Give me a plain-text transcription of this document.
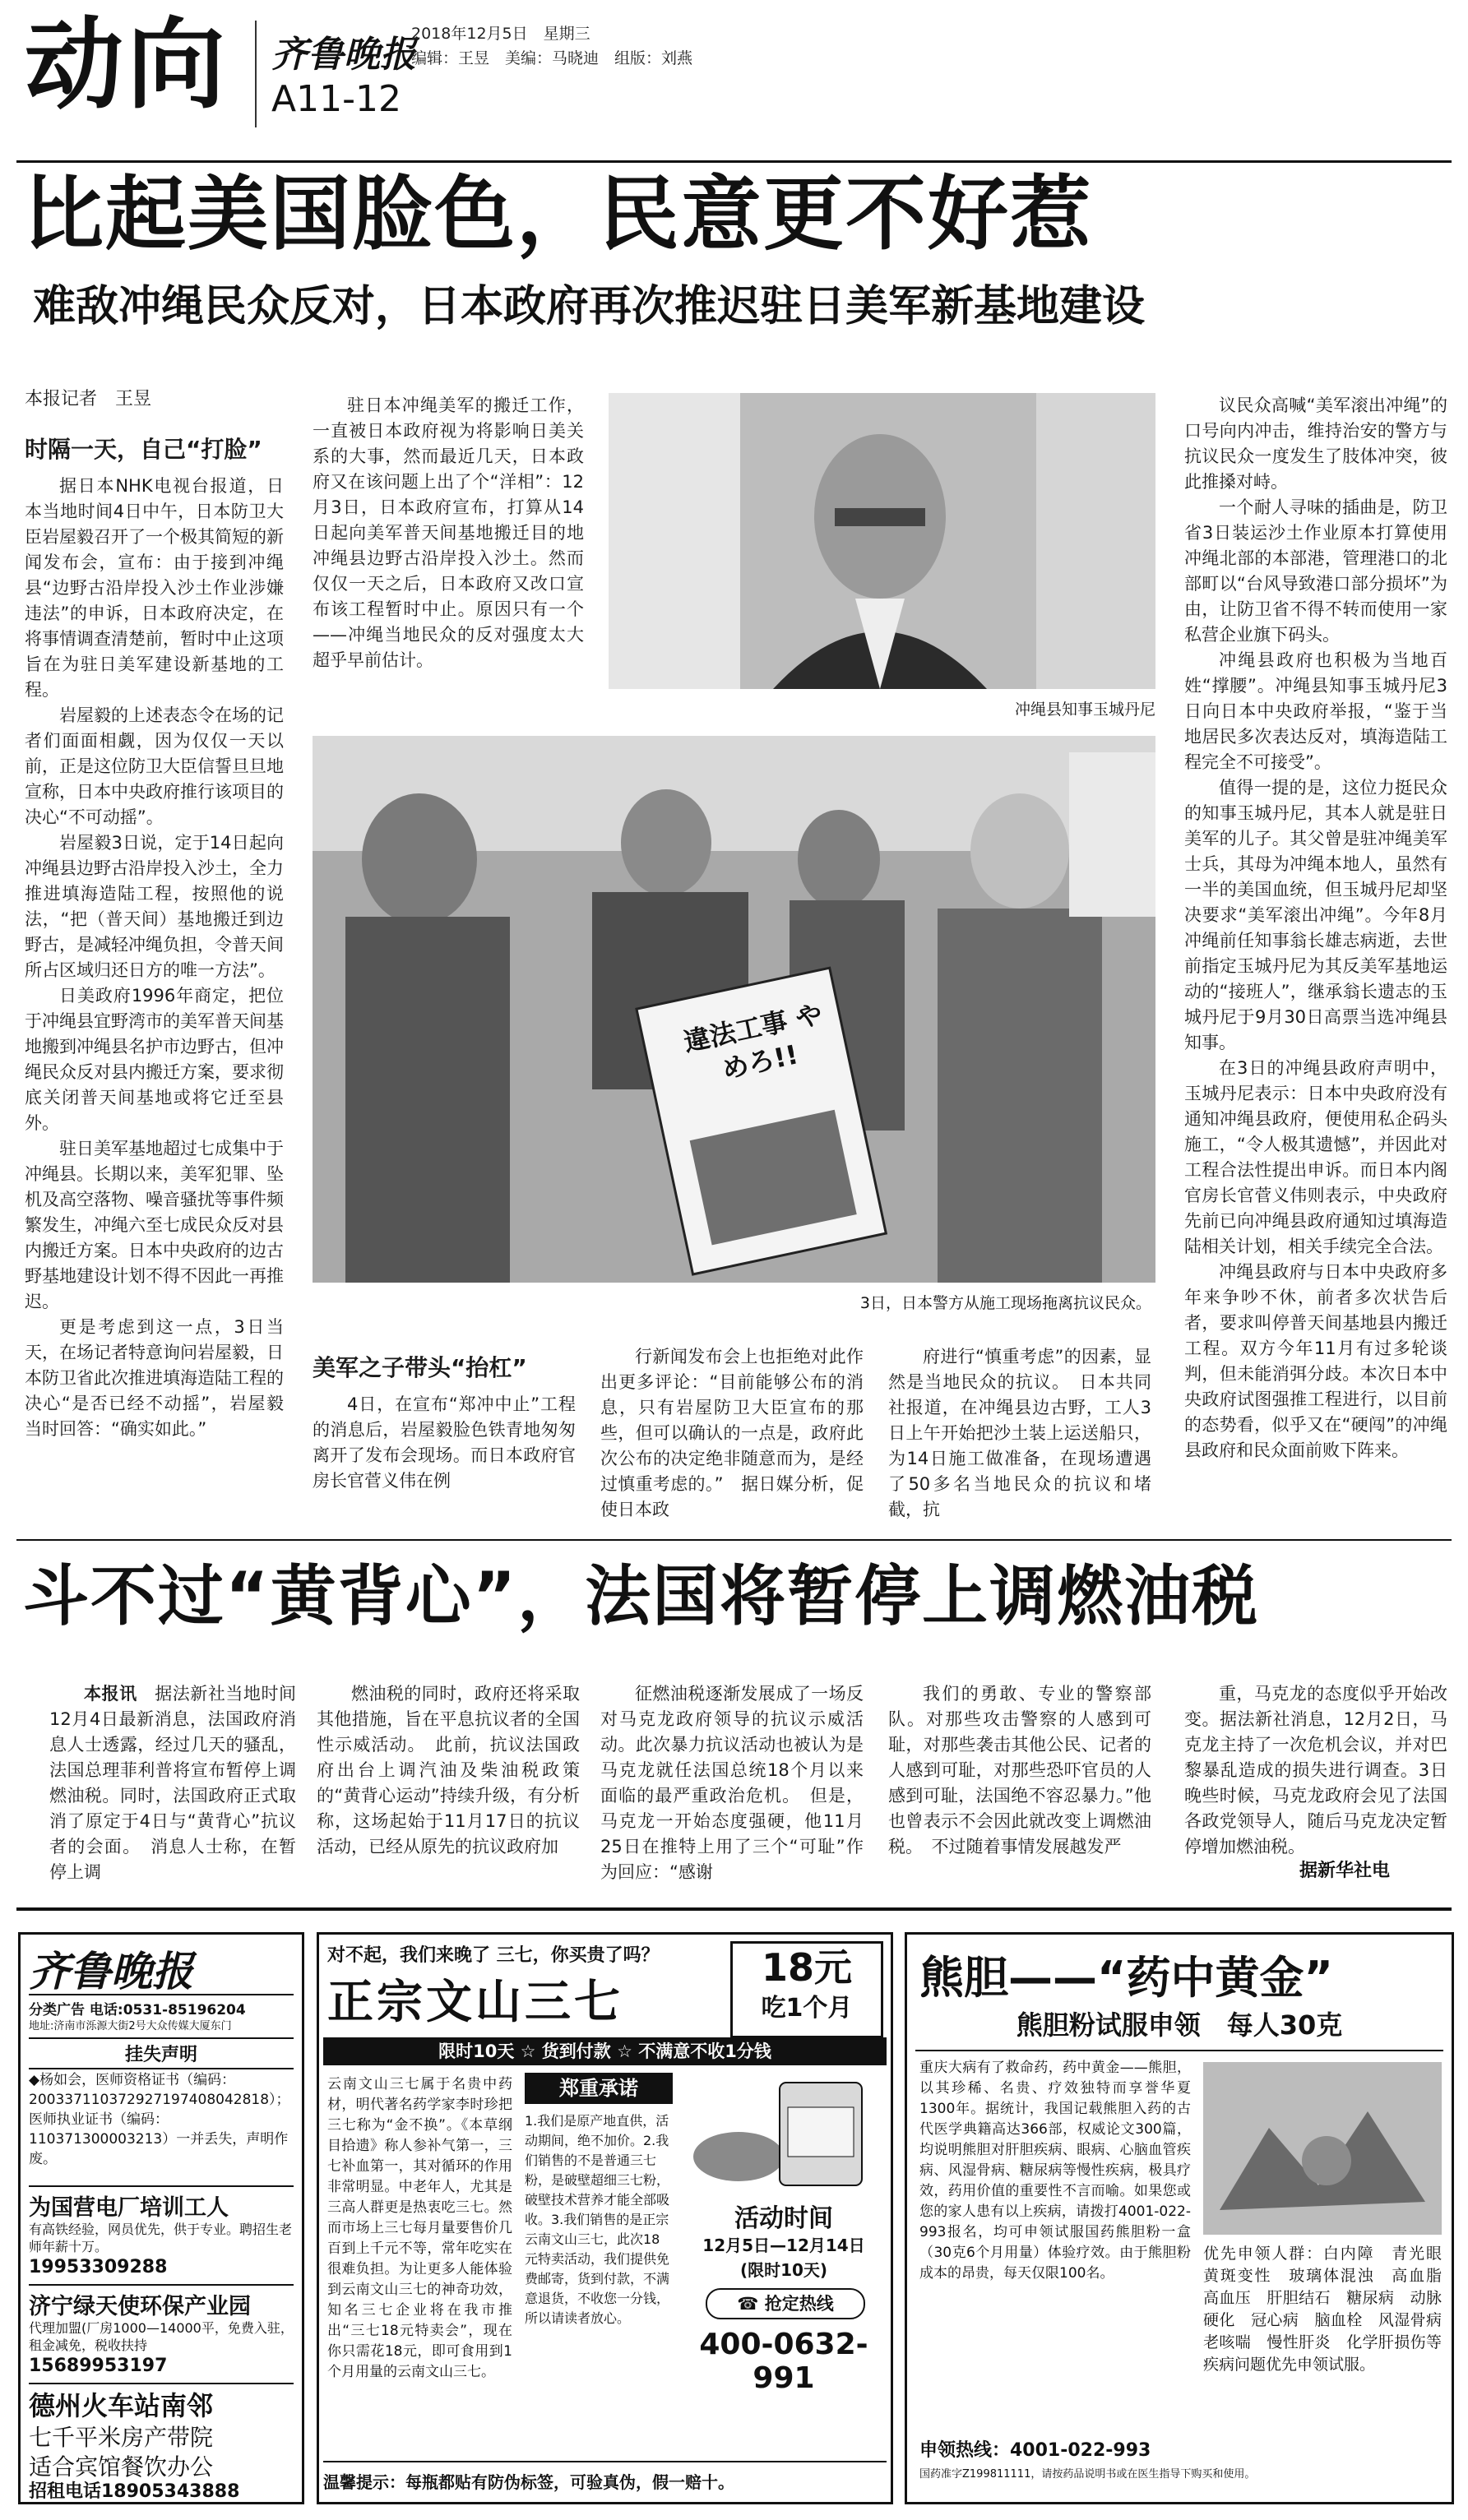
动向 齐鲁晚报
A11-12
2018年12月5日　星期三
编辑：王昱　美编：马晓迪　组版：刘燕
比起美国脸色，民意更不好惹
难敌冲绳民众反对，日本政府再次推迟驻日美军新基地建设
本报记者　王昱
时隔一天，自己“打脸”

据日本NHK电视台报道，日本当地时间4日中午，日本防卫大臣岩屋毅召开了一个极其简短的新闻发布会，宣布：由于接到冲绳县“边野古沿岸投入沙土作业涉嫌违法”的申诉，日本政府决定，在将事情调查清楚前，暂时中止这项旨在为驻日美军建设新基地的工程。

岩屋毅的上述表态令在场的记者们面面相觑，因为仅仅一天以前，正是这位防卫大臣信誓旦旦地宣称，日本中央政府推行该项目的决心“不可动摇”。

岩屋毅3日说，定于14日起向冲绳县边野古沿岸投入沙土，全力推进填海造陆工程，按照他的说法，“把（普天间）基地搬迁到边野古，是减轻冲绳负担，令普天间所占区域归还日方的唯一方法”。

日美政府1996年商定，把位于冲绳县宜野湾市的美军普天间基地搬到冲绳县名护市边野古，但冲绳民众反对县内搬迁方案，要求彻底关闭普天间基地或将它迁至县外。

驻日美军基地超过七成集中于冲绳县。长期以来，美军犯罪、坠机及高空落物、噪音骚扰等事件频繁发生，冲绳六至七成民众反对县内搬迁方案。日本中央政府的边古野基地建设计划不得不因此一再推迟。

更是考虑到这一点，3日当天，在场记者特意询问岩屋毅，日本防卫省此次推进填海造陆工程的决心“是否已经不动摇”，岩屋毅当时回答：“确实如此。”

驻日本冲绳美军的搬迁工作，一直被日本政府视为将影响日美关系的大事，然而最近几天，日本政府又在该问题上出了个“洋相”：12月3日，日本政府宣布，打算从14日起向美军普天间基地搬迁目的地冲绳县边野古沿岸投入沙土。然而仅仅一天之后，日本政府又改口宣布该工程暂时中止。原因只有一个——冲绳当地民众的反对强度太大超乎早前估计。

冲绳县知事玉城丹尼
違法工事 やめろ!!
3日，日本警方从施工现场拖离抗议民众。
美军之子带头“抬杠”

4日，在宣布“郑冲中止”工程的消息后，岩屋毅脸色铁青地匆匆离开了发布会现场。而日本政府官房长官菅义伟在例

行新闻发布会上也拒绝对此作出更多评论：“目前能够公布的消息，只有岩屋防卫大臣宣布的那些，但可以确认的一点是，政府此次公布的决定绝非随意而为，是经过慎重考虑的。”　据日媒分析，促使日本政

府进行“慎重考虑”的因素，显然是当地民众的抗议。　日本共同社报道，在冲绳县边古野，工人3日上午开始把沙土装上运送船只，为14日施工做准备，在现场遭遇了50多名当地民众的抗议和堵截，抗

议民众高喊“美军滚出冲绳”的口号向内冲击，维持治安的警方与抗议民众一度发生了肢体冲突，彼此推搡对峙。

一个耐人寻味的插曲是，防卫省3日装运沙土作业原本打算使用冲绳北部的本部港，管理港口的北部町以“台风导致港口部分损坏”为由，让防卫省不得不转而使用一家私营企业旗下码头。

冲绳县政府也积极为当地百姓“撑腰”。冲绳县知事玉城丹尼3日向日本中央政府举报，“鉴于当地居民多次表达反对，填海造陆工程完全不可接受”。

值得一提的是，这位力挺民众的知事玉城丹尼，其本人就是驻日美军的儿子。其父曾是驻冲绳美军士兵，其母为冲绳本地人，虽然有一半的美国血统，但玉城丹尼却坚决要求“美军滚出冲绳”。今年8月冲绳前任知事翁长雄志病逝，去世前指定玉城丹尼为其反美军基地运动的“接班人”，继承翁长遗志的玉城丹尼于9月30日高票当选冲绳县知事。

在3日的冲绳县政府声明中，玉城丹尼表示：日本中央政府没有通知冲绳县政府，便使用私企码头施工，“令人极其遗憾”，并因此对工程合法性提出申诉。而日本内阁官房长官菅义伟则表示，中央政府先前已向冲绳县政府通知过填海造陆相关计划，相关手续完全合法。

冲绳县政府与日本中央政府多年来争吵不休，前者多次状告后者，要求叫停普天间基地县内搬迁工程。双方今年11月有过多轮谈判，但未能消弭分歧。本次日本中央政府试图强推工程进行，以目前的态势看，似乎又在“硬闯”的冲绳县政府和民众面前败下阵来。

斗不过“黄背心”，法国将暂停上调燃油税

本报讯　 据法新社当地时间12月4日最新消息，法国政府消息人士透露，经过几天的骚乱，法国总理菲利普将宣布暂停上调燃油税。同时，法国政府正式取消了原定于4日与“黄背心”抗议者的会面。　消息人士称，在暂停上调

燃油税的同时，政府还将采取其他措施，旨在平息抗议者的全国性示威活动。　此前，抗议法国政府出台上调汽油及柴油税政策的“黄背心运动”持续升级，有分析称，这场起始于11月17日的抗议活动，已经从原先的抗议政府加

征燃油税逐渐发展成了一场反对马克龙政府领导的抗议示威活动。此次暴力抗议活动也被认为是马克龙就任法国总统18个月以来面临的最严重政治危机。　但是，马克龙一开始态度强硬，他11月25日在推特上用了三个“可耻”作为回应：“感谢

我们的勇敢、专业的警察部队。对那些攻击警察的人感到可耻，对那些袭击其他公民、记者的人感到可耻，对那些恐吓官员的人感到可耻，法国绝不容忍暴力。”他也曾表示不会因此就改变上调燃油税。　不过随着事情发展越发严

重，马克龙的态度似乎开始改变。据法新社消息，12月2日，马克龙主持了一次危机会议，并对巴黎暴乱造成的损失进行调查。3日晚些时候，马克龙政府会见了法国各政党领导人，随后马克龙决定暂停增加燃油税。

据新华社电
齐鲁晚报
分类广告 电话:0531-85196204
地址:济南市泺源大街2号大众传媒大厦东门
挂失声明
◆杨如会，医师资格证书（编码：200337110372927197408042818）；医师执业证书（编码：110371300003213）一并丢失，声明作废。
为国营电厂培训工人
有高铁经验，网员优先，供于专业。聘招生老师年薪十万。
19953309288
济宁绿天使环保产业园
代理加盟(厂房1000—14000平，免费入驻，租金减免，税收扶持
15689953197
德州火车站南邻
七千平米房产带院
适合宾馆餐饮办公
招租电话18905343888
对不起，我们来晚了 三七，你买贵了吗？
正宗文山三七
18元
吃1个月
限时10天 ☆ 货到付款 ☆ 不满意不收1分钱
云南文山三七属于名贵中药材，明代著名药学家李时珍把三七称为“金不换”。《本草纲目拾遗》称人参补气第一，三七补血第一，其对循环的作用非常明显。中老年人，尤其是三高人群更是热衷吃三七。然而市场上三七每月量要售价几百到上千元不等，常年吃实在很难负担。为让更多人能体验到云南文山三七的神奇功效，知名三七企业将在我市推出“三七18元特卖会”，现在你只需花18元，即可食用到1个月用量的云南文山三七。
郑重承诺
1.我们是原产地直供，活动期间，绝不加价。2.我们销售的不是普通三七粉，是破壁超细三七粉，破壁技术营养才能全部吸收。3.我们销售的是正宗云南文山三七，此次18元特卖活动，我们提供免费邮寄，货到付款，不满意退货，不收您一分钱，所以请读者放心。
活动时间
12月5日—12月14日
(限时10天)
☎ 抢定热线
400-0632-991
温馨提示：每瓶都贴有防伪标签，可验真伪，假一赔十。
熊胆——“药中黄金”
熊胆粉试服申领　每人30克
重庆大病有了救命药，药中黄金——熊胆，以其珍稀、名贵、疗效独特而享誉华夏1300年。据统计，我国记载熊胆入药的古代医学典籍高达366部，权威论文300篇，均说明熊胆对肝胆疾病、眼病、心脑血管疾病、风湿骨病、糖尿病等慢性疾病，极具疗效，药用价值的重要性不言而喻。如果您或您的家人患有以上疾病，请拨打4001-022-993报名，均可申领试服国药熊胆粉一盒（30克6个月用量）体验疗效。由于熊胆粉成本的昂贵，每天仅限100名。
优先申领人群：白内障　青光眼　黄斑变性　玻璃体混浊　高血脂　高血压　肝胆结石　糖尿病　动脉硬化　冠心病　脑血栓　风湿骨病　老咳喘　慢性肝炎　化学肝损伤等疾病问题优先申领试服。
申领热线：4001-022-993
国药准字Z199811111，请按药品说明书或在医生指导下购买和使用。
